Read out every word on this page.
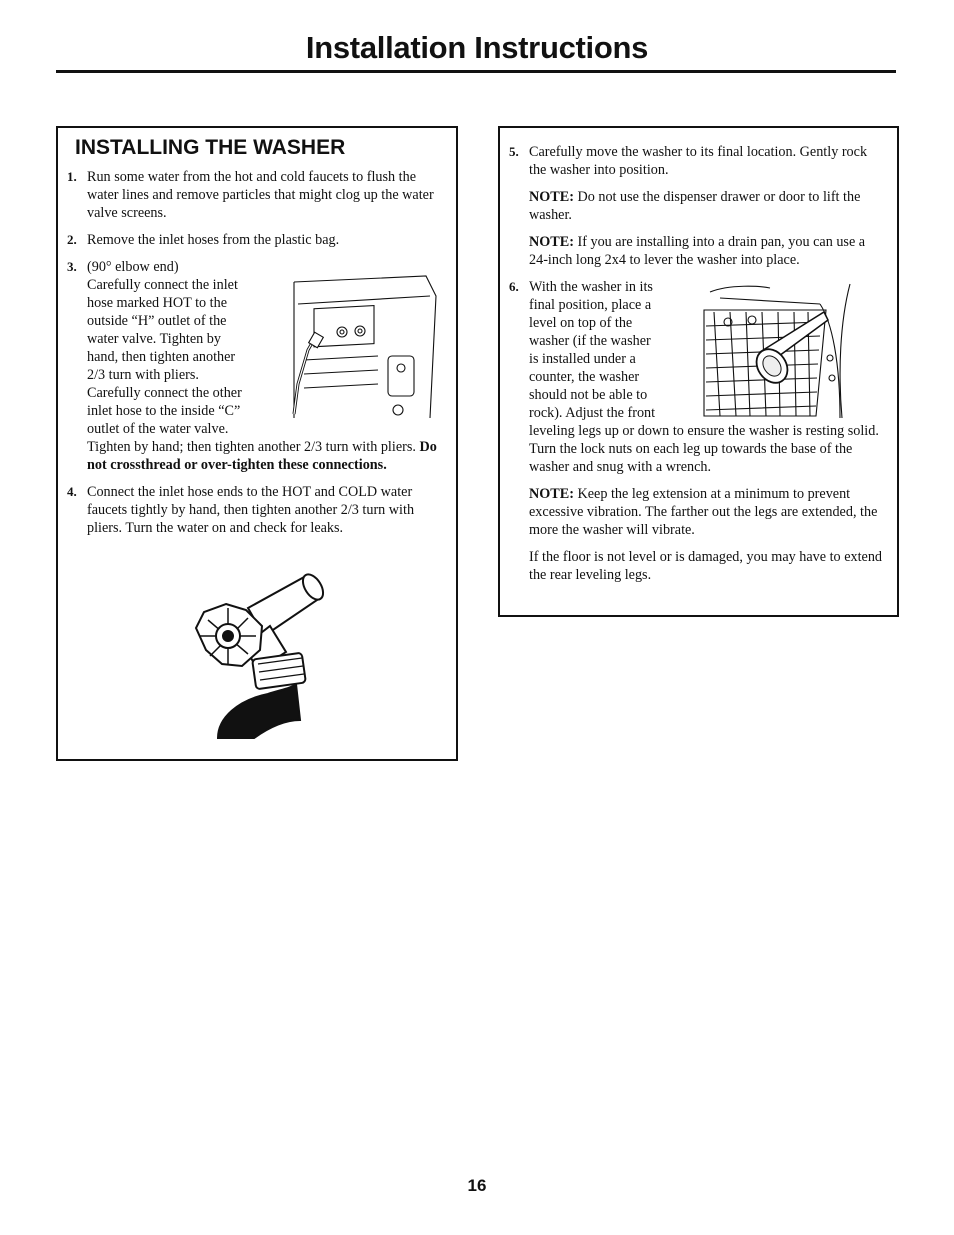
Installation Instructions
INSTALLING THE WASHER
1. Run some water from the hot and cold faucets to flush the water lines and remove particles that might clog up the water valve screens.

2. Remove the inlet hoses from the plastic bag.

3. (90° elbow end)
Carefully connect the inlet
hose marked HOT to the
outside “H” outlet of the
water valve. Tighten by
hand, then tighten another
2/3 turn with pliers.
Carefully connect the other
inlet hose to the inside “C”
outlet of the water valve.

Tighten by hand; then tighten another 2/3 turn with pliers. Do not crossthread or over-tighten these connections.

4. Connect the inlet hose ends to the HOT and COLD water faucets tightly by hand, then tighten another 2/3 turn with pliers. Turn the water on and check for leaks.

5. Carefully move the washer to its final location. Gently rock the washer into position.

NOTE: Do not use the dispenser drawer or door to lift the washer.

NOTE: If you are installing into a drain pan, you can use a 24-inch long 2x4 to lever the washer into place.

6. With the washer in its
final position, place a
level on top of the
washer (if the washer
is installed under a
counter, the washer
should not be able to
rock). Adjust the front

leveling legs up or down to ensure the washer is resting solid. Turn the lock nuts on each leg up towards the base of the washer and snug with a wrench.

NOTE: Keep the leg extension at a minimum to prevent excessive vibration. The farther out the legs are extended, the more the washer will vibrate.

If the floor is not level or is damaged, you may have to extend the rear leveling legs.

16
